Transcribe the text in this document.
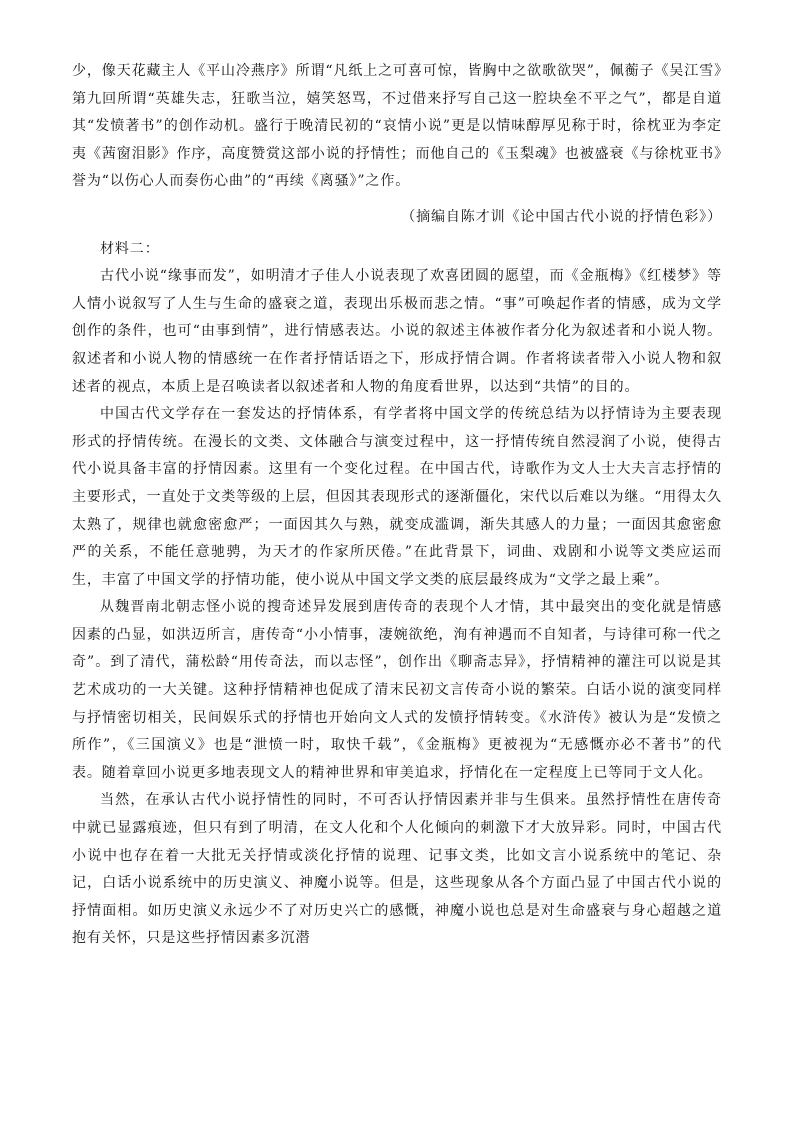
少，像天花藏主人《平山冷燕序》所谓“凡纸上之可喜可惊，皆胸中之欲歌欲哭”，佩蘅子《吴江雪》第九回所谓“英雄失志，狂歌当泣，嬉笑怒骂，不过借来抒写自己这一腔块垒不平之气”，都是自道其“发愤著书”的创作动机。盛行于晚清民初的“哀情小说”更是以情味醇厚见称于时，徐枕亚为李定夷《茜窗泪影》作序，高度赞赏这部小说的抒情性；而他自己的《玉梨魂》也被盛衰《与徐枕亚书》誉为“以伤心人而奏伤心曲”的“再续《离骚》”之作。

（摘编自陈才训《论中国古代小说的抒情色彩》）

材料二：

古代小说“缘事而发”，如明清才子佳人小说表现了欢喜团圆的愿望，而《金瓶梅》《红楼梦》等人情小说叙写了人生与生命的盛衰之道，表现出乐极而悲之情。“事”可唤起作者的情感，成为文学创作的条件，也可“由事到情”，进行情感表达。小说的叙述主体被作者分化为叙述者和小说人物。叙述者和小说人物的情感统一在作者抒情话语之下，形成抒情合调。作者将读者带入小说人物和叙述者的视点，本质上是召唤读者以叙述者和人物的角度看世界，以达到“共情”的目的。

中国古代文学存在一套发达的抒情体系，有学者将中国文学的传统总结为以抒情诗为主要表现形式的抒情传统。在漫长的文类、文体融合与演变过程中，这一抒情传统自然浸润了小说，使得古代小说具备丰富的抒情因素。这里有一个变化过程。在中国古代，诗歌作为文人士大夫言志抒情的主要形式，一直处于文类等级的上层，但因其表现形式的逐渐僵化，宋代以后难以为继。“用得太久太熟了，规律也就愈密愈严；一面因其久与熟，就变成滥调，渐失其感人的力量；一面因其愈密愈严的关系，不能任意驰骋，为天才的作家所厌倦。”在此背景下，词曲、戏剧和小说等文类应运而生，丰富了中国文学的抒情功能，使小说从中国文学文类的底层最终成为“文学之最上乘”。

从魏晋南北朝志怪小说的搜奇述异发展到唐传奇的表现个人才情，其中最突出的变化就是情感因素的凸显，如洪迈所言，唐传奇“小小情事，凄婉欲绝，洵有神遇而不自知者，与诗律可称一代之奇”。到了清代，蒲松龄“用传奇法，而以志怪”，创作出《聊斋志异》，抒情精神的灌注可以说是其艺术成功的一大关键。这种抒情精神也促成了清末民初文言传奇小说的繁荣。白话小说的演变同样与抒情密切相关，民间娱乐式的抒情也开始向文人式的发愤抒情转变。《水浒传》被认为是“发愤之所作”，《三国演义》也是“泄愤一时，取快千载”，《金瓶梅》更被视为“无感慨亦必不著书”的代表。随着章回小说更多地表现文人的精神世界和审美追求，抒情化在一定程度上已等同于文人化。

当然，在承认古代小说抒情性的同时，不可否认抒情因素并非与生俱来。虽然抒情性在唐传奇中就已显露痕迹，但只有到了明清，在文人化和个人化倾向的刺激下才大放异彩。同时，中国古代小说中也存在着一大批无关抒情或淡化抒情的说理、记事文类，比如文言小说系统中的笔记、杂记，白话小说系统中的历史演义、神魔小说等。但是，这些现象从各个方面凸显了中国古代小说的抒情面相。如历史演义永远少不了对历史兴亡的感慨，神魔小说也总是对生命盛衰与身心超越之道抱有关怀，只是这些抒情因素多沉潜
